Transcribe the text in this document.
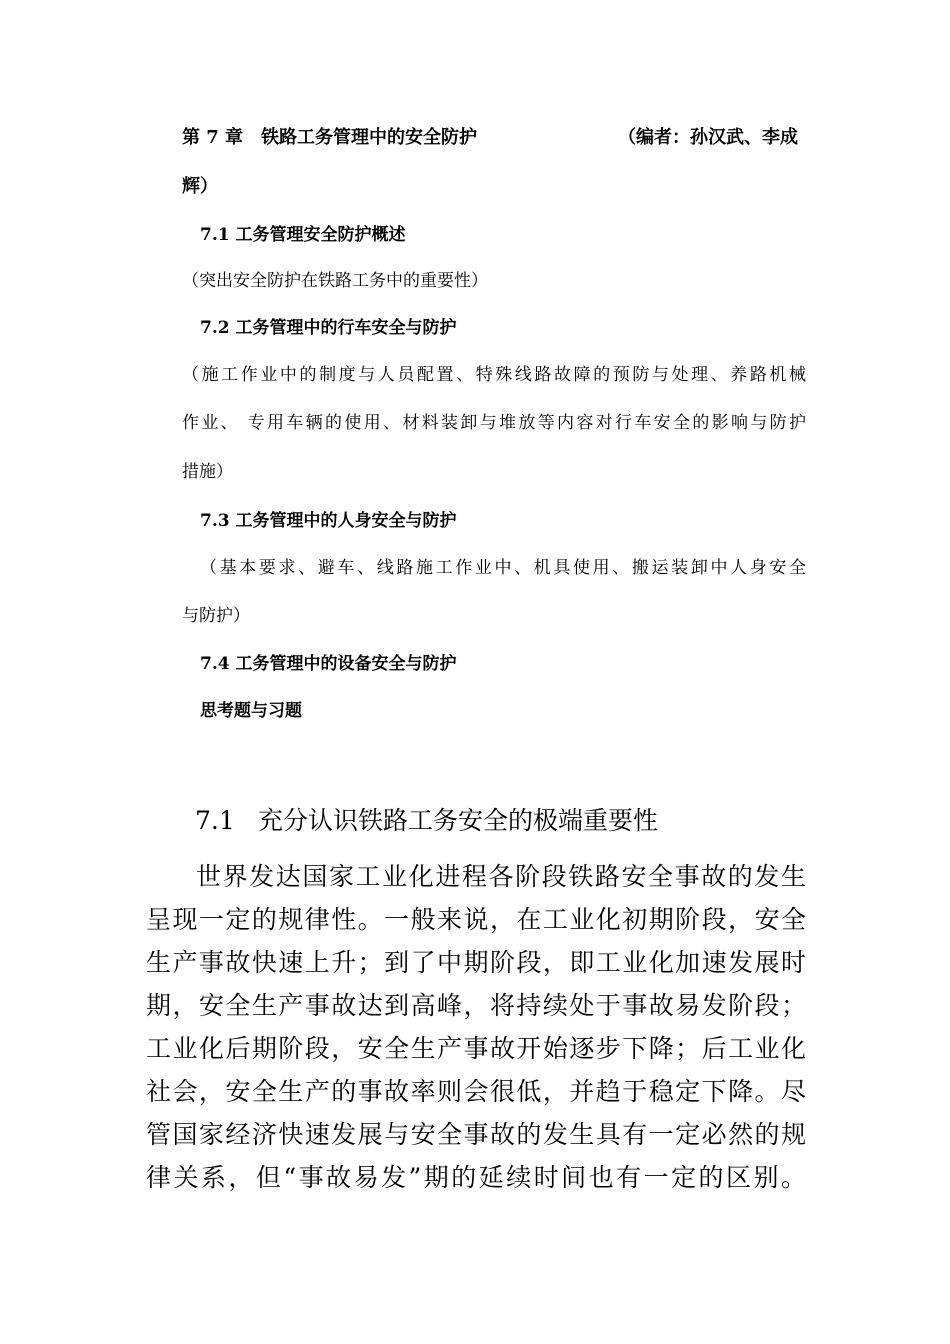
第 7 章　铁路工务管理中的安全防护	（编者：孙汉武、李成
辉）
7.1 工务管理安全防护概述
（突出安全防护在铁路工务中的重要性）
7.2 工务管理中的行车安全与防护
（施工作业中的制度与人员配置、特殊线路故障的预防与处理、养路机械
作业、 专用车辆的使用、材料装卸与堆放等内容对行车安全的影响与防护
措施）
7.3 工务管理中的人身安全与防护
（基本要求、避车、线路施工作业中、机具使用、搬运装卸中人身安全
与防护）
7.4 工务管理中的设备安全与防护
思考题与习题
7.1 充分认识铁路工务安全的极端重要性
世界发达国家工业化进程各阶段铁路安全事故的发生
呈现一定的规律性。一般来说，在工业化初期阶段，安全
生产事故快速上升；到了中期阶段，即工业化加速发展时
期，安全生产事故达到高峰，将持续处于事故易发阶段；
工业化后期阶段，安全生产事故开始逐步下降；后工业化
社会，安全生产的事故率则会很低，并趋于稳定下降。尽
管国家经济快速发展与安全事故的发生具有一定必然的规
律关系，但“事故易发”期的延续时间也有一定的区别。
